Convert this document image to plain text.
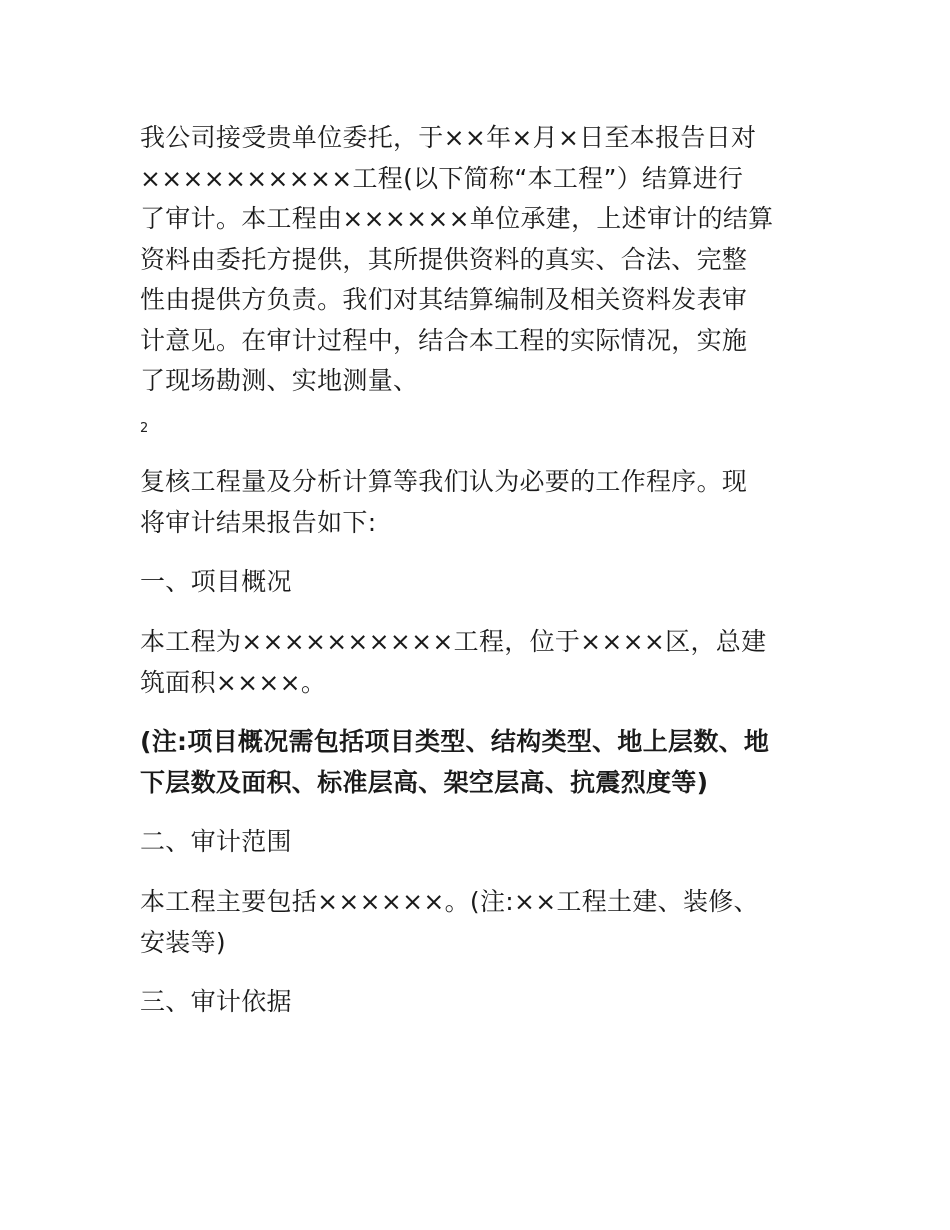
我公司接受贵单位委托，于××年×月×日至本报告日对
××××××××××工程(以下简称“本工程”）结算进行
了审计。本工程由××××××单位承建，上述审计的结算
资料由委托方提供，其所提供资料的真实、合法、完整
性由提供方负责。我们对其结算编制及相关资料发表审
计意见。在审计过程中，结合本工程的实际情况，实施
了现场勘测、实地测量、
2
复核工程量及分析计算等我们认为必要的工作程序。现
将审计结果报告如下:
一、项目概况
本工程为××××××××××工程，位于××××区，总建
筑面积××××。
(注:项目概况需包括项目类型、结构类型、地上层数、地
下层数及面积、标准层高、架空层高、抗震烈度等)
二、审计范围
本工程主要包括××××××。(注:××工程土建、装修、
安装等)
三、审计依据
